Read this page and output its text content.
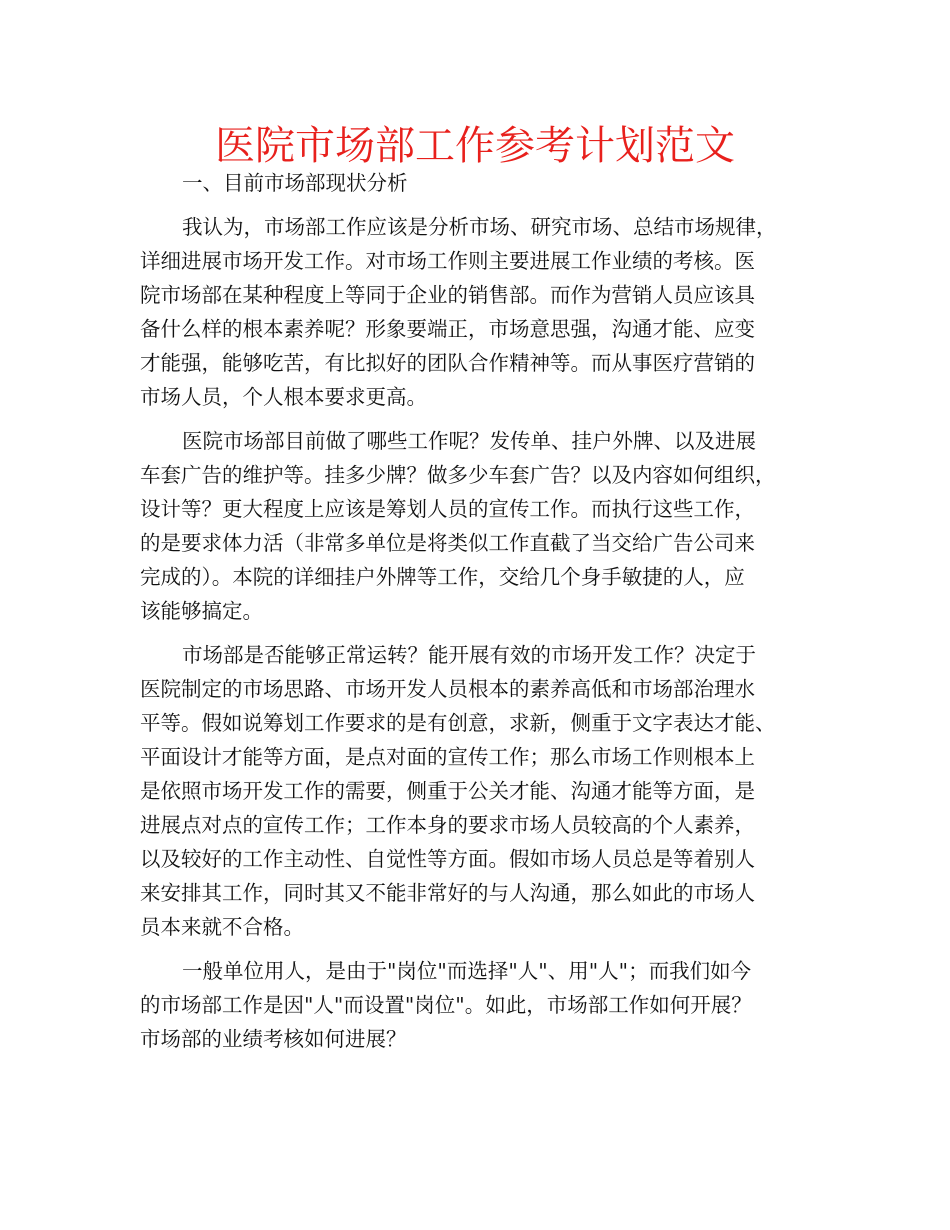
医院市场部工作参考计划范文
一、目前市场部现状分析
我认为，市场部工作应该是分析市场、研究市场、总结市场规律，
详细进展市场开发工作。对市场工作则主要进展工作业绩的考核。医
院市场部在某种程度上等同于企业的销售部。而作为营销人员应该具
备什么样的根本素养呢？形象要端正，市场意思强，沟通才能、应变
才能强，能够吃苦，有比拟好的团队合作精神等。而从事医疗营销的
市场人员，个人根本要求更高。
医院市场部目前做了哪些工作呢？发传单、挂户外牌、以及进展
车套广告的维护等。挂多少牌？做多少车套广告？以及内容如何组织，
设计等？更大程度上应该是筹划人员的宣传工作。而执行这些工作，
的是要求体力活（非常多单位是将类似工作直截了当交给广告公司来
完成的）。本院的详细挂户外牌等工作，交给几个身手敏捷的人，应
该能够搞定。
市场部是否能够正常运转？能开展有效的市场开发工作？决定于
医院制定的市场思路、市场开发人员根本的素养高低和市场部治理水
平等。假如说筹划工作要求的是有创意，求新，侧重于文字表达才能、
平面设计才能等方面，是点对面的宣传工作；那么市场工作则根本上
是依照市场开发工作的需要，侧重于公关才能、沟通才能等方面，是
进展点对点的宣传工作；工作本身的要求市场人员较高的个人素养，
以及较好的工作主动性、自觉性等方面。假如市场人员总是等着别人
来安排其工作，同时其又不能非常好的与人沟通，那么如此的市场人
员本来就不合格。
一般单位用人，是由于"岗位"而选择"人"、用"人"；而我们如今
的市场部工作是因"人"而设置"岗位"。如此，市场部工作如何开展？
市场部的业绩考核如何进展？
